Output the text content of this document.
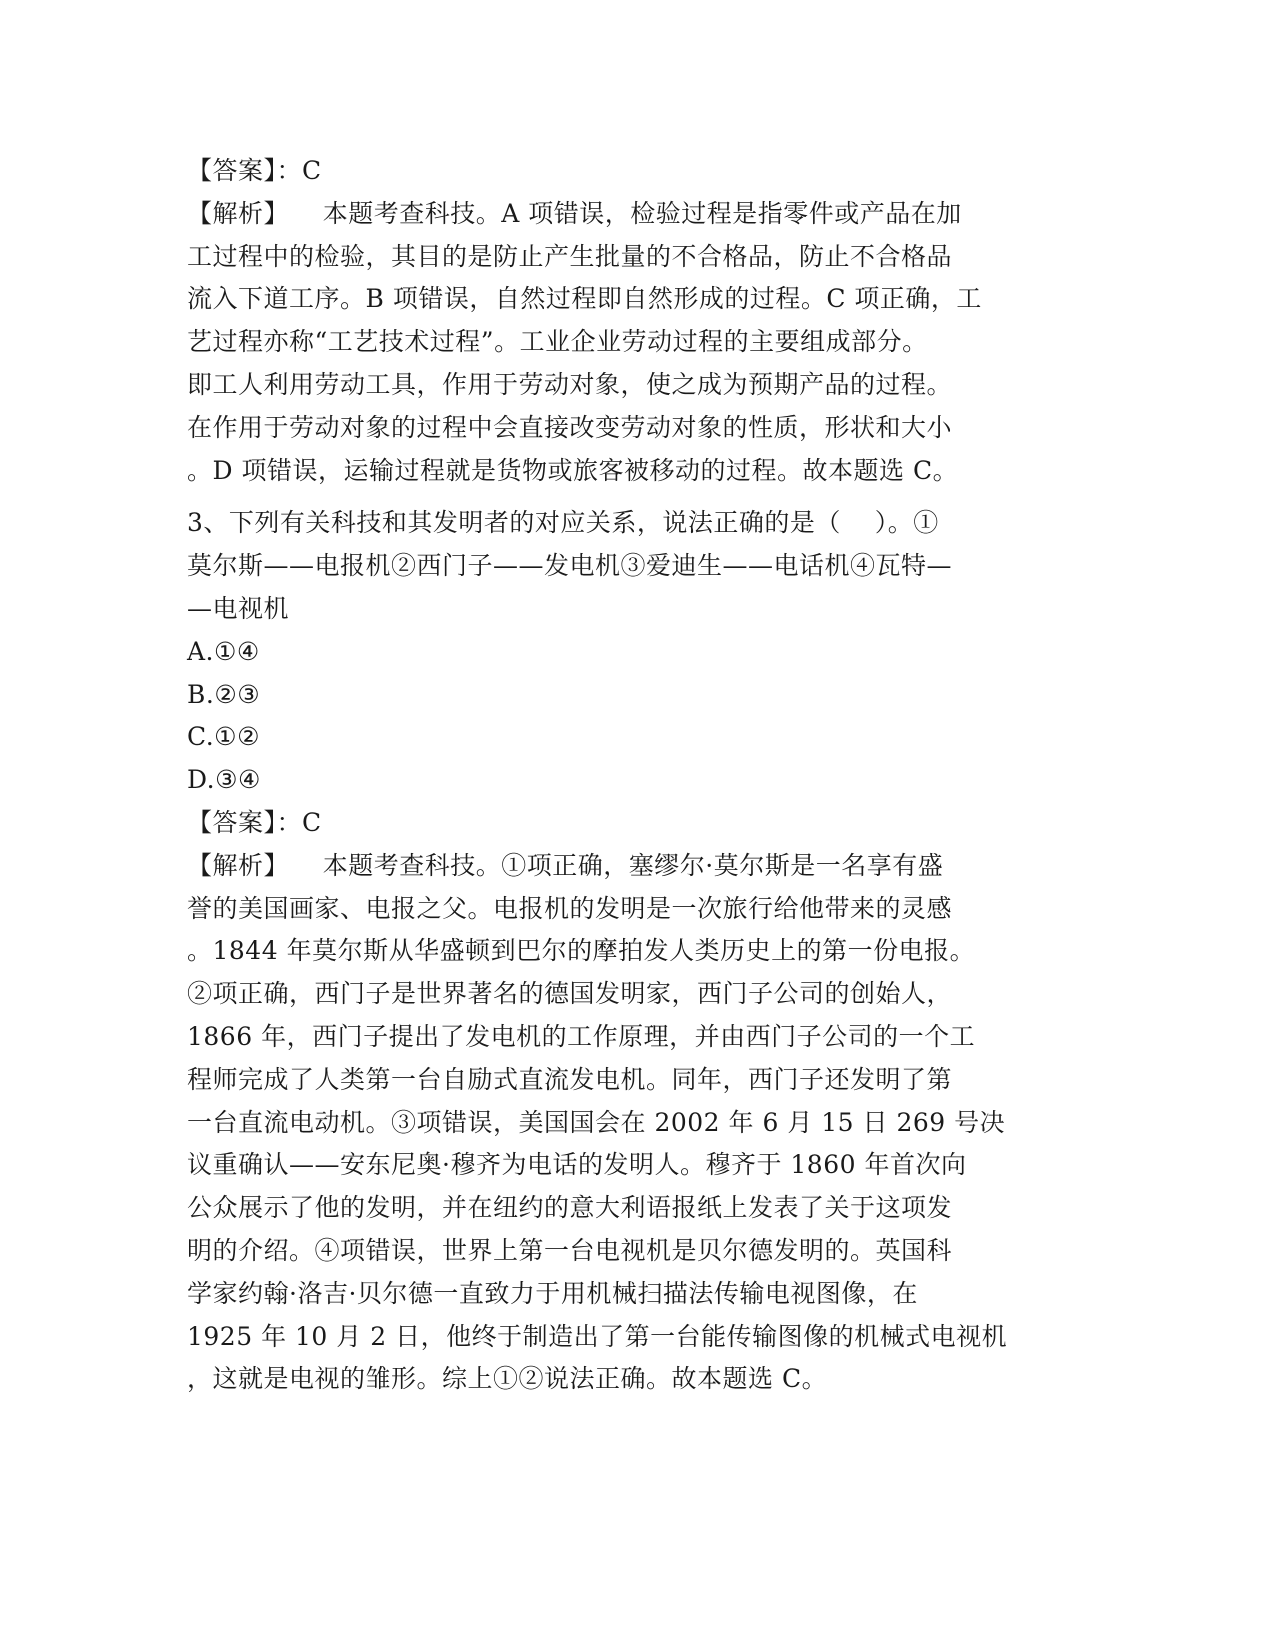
【答案】：C
【解析】    本题考查科技。A 项错误，检验过程是指零件或产品在加
工过程中的检验，其目的是防止产生批量的不合格品，防止不合格品
流入下道工序。B 项错误，自然过程即自然形成的过程。C 项正确，工
艺过程亦称“工艺技术过程”。工业企业劳动过程的主要组成部分。
即工人利用劳动工具，作用于劳动对象，使之成为预期产品的过程。
在作用于劳动对象的过程中会直接改变劳动对象的性质，形状和大小
。D 项错误，运输过程就是货物或旅客被移动的过程。故本题选 C。
3、下列有关科技和其发明者的对应关系，说法正确的是（    ）。①
莫尔斯——电报机②西门子——发电机③爱迪生——电话机④瓦特—
—电视机
A.①④
B.②③
C.①②
D.③④
【答案】：C
【解析】    本题考查科技。①项正确，塞缪尔·莫尔斯是一名享有盛
誉的美国画家、电报之父。电报机的发明是一次旅行给他带来的灵感
。1844 年莫尔斯从华盛顿到巴尔的摩拍发人类历史上的第一份电报。
②项正确，西门子是世界著名的德国发明家，西门子公司的创始人，
1866 年，西门子提出了发电机的工作原理，并由西门子公司的一个工
程师完成了人类第一台自励式直流发电机。同年，西门子还发明了第
一台直流电动机。③项错误，美国国会在 2002 年 6 月 15 日 269 号决
议重确认——安东尼奥·穆齐为电话的发明人。穆齐于 1860 年首次向
公众展示了他的发明，并在纽约的意大利语报纸上发表了关于这项发
明的介绍。④项错误，世界上第一台电视机是贝尔德发明的。英国科
学家约翰·洛吉·贝尔德一直致力于用机械扫描法传输电视图像，在
1925 年 10 月 2 日，他终于制造出了第一台能传输图像的机械式电视机
，这就是电视的雏形。综上①②说法正确。故本题选 C。
